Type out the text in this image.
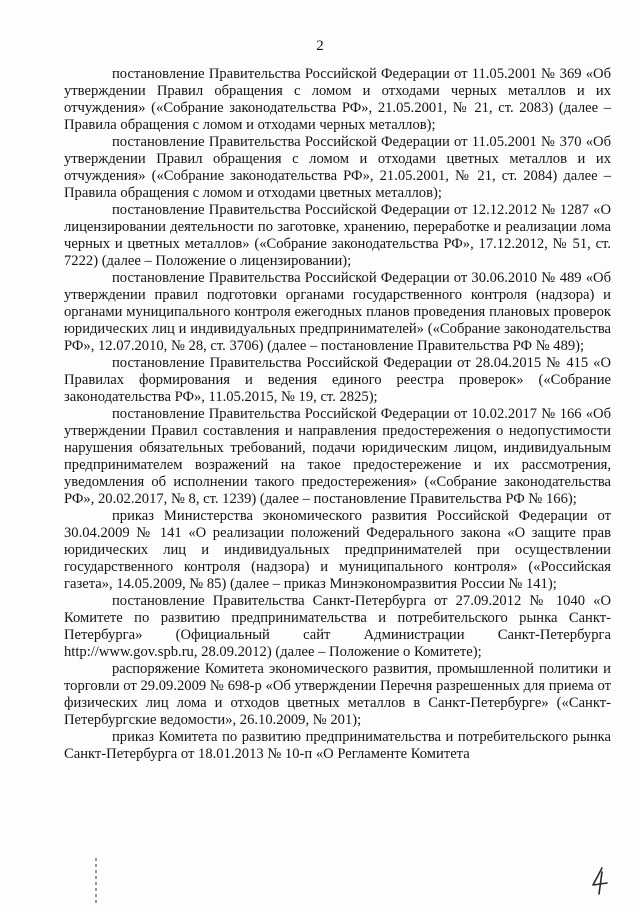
2

постановление Правительства Российской Федерации от 11.05.2001 № 369 «Об утверждении Правил обращения с ломом и отходами черных металлов и их отчуждения» («Собрание законодательства РФ», 21.05.2001, № 21, ст. 2083) (далее – Правила обращения с ломом и отходами черных металлов);

постановление Правительства Российской Федерации от 11.05.2001 № 370 «Об утверждении Правил обращения с ломом и отходами цветных металлов и их отчуждения» («Собрание законодательства РФ», 21.05.2001, № 21, ст. 2084) далее – Правила обращения с ломом и отходами цветных металлов);

постановление Правительства Российской Федерации от 12.12.2012 № 1287 «О лицензировании деятельности по заготовке, хранению, переработке и реализации лома черных и цветных металлов» («Собрание законодательства РФ», 17.12.2012, № 51, ст. 7222) (далее – Положение о лицензировании);

постановление Правительства Российской Федерации от 30.06.2010 № 489 «Об утверждении правил подготовки органами государственного контроля (надзора) и органами муниципального контроля ежегодных планов проведения плановых проверок юридических лиц и индивидуальных предпринимателей» («Собрание законодательства РФ», 12.07.2010, № 28, ст. 3706) (далее – постановление Правительства РФ № 489);

постановление Правительства Российской Федерации от 28.04.2015 № 415 «О Правилах формирования и ведения единого реестра проверок» («Собрание законодательства РФ», 11.05.2015, № 19, ст. 2825);

постановление Правительства Российской Федерации от 10.02.2017 № 166 «Об утверждении Правил составления и направления предостережения о недопустимости нарушения обязательных требований, подачи юридическим лицом, индивидуальным предпринимателем возражений на такое предостережение и их рассмотрения, уведомления об исполнении такого предостережения» («Собрание законодательства РФ», 20.02.2017, № 8, ст. 1239) (далее – постановление Правительства РФ № 166);

приказ Министерства экономического развития Российской Федерации от 30.04.2009 № 141 «О реализации положений Федерального закона «О защите прав юридических лиц и индивидуальных предпринимателей при осуществлении государственного контроля (надзора) и муниципального контроля» («Российская газета», 14.05.2009, № 85) (далее – приказ Минэкономразвития России № 141);

постановление Правительства Санкт-Петербурга от 27.09.2012 № 1040 «О Комитете по развитию предпринимательства и потребительского рынка Санкт-Петербурга» (Официальный сайт Администрации Санкт-Петербурга http://www.gov.spb.ru, 28.09.2012) (далее – Положение о Комитете);

распоряжение Комитета экономического развития, промышленной политики и торговли от 29.09.2009 № 698-р «Об утверждении Перечня разрешенных для приема от физических лиц лома и отходов цветных металлов в Санкт-Петербурге» («Санкт-Петербургские ведомости», 26.10.2009, № 201);

приказ Комитета по развитию предпринимательства и потребительского рынка Санкт-Петербурга от 18.01.2013 № 10-п «О Регламенте Комитета
